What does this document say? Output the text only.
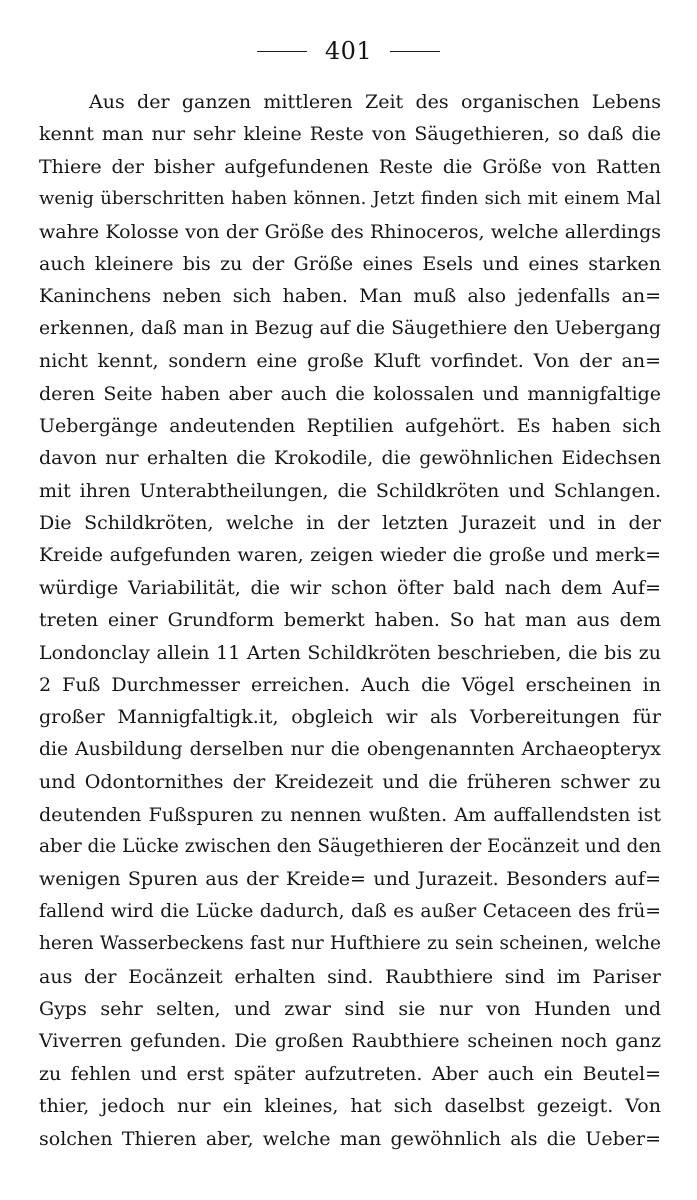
401
Aus der ganzen mittleren Zeit des organischen Lebens
kennt man nur sehr kleine Reste von Säugethieren, so daß die
Thiere der bisher aufgefundenen Reste die Größe von Ratten
wenig überschritten haben können. Jetzt finden sich mit einem Mal
wahre Kolosse von der Größe des Rhinoceros, welche allerdings
auch kleinere bis zu der Größe eines Esels und eines starken
Kaninchens neben sich haben. Man muß also jedenfalls an=
erkennen, daß man in Bezug auf die Säugethiere den Uebergang
nicht kennt, sondern eine große Kluft vorfindet. Von der an=
deren Seite haben aber auch die kolossalen und mannigfaltige
Uebergänge andeutenden Reptilien aufgehört. Es haben sich
davon nur erhalten die Krokodile, die gewöhnlichen Eidechsen
mit ihren Unterabtheilungen, die Schildkröten und Schlangen.
Die Schildkröten, welche in der letzten Jurazeit und in der
Kreide aufgefunden waren, zeigen wieder die große und merk=
würdige Variabilität, die wir schon öfter bald nach dem Auf=
treten einer Grundform bemerkt haben. So hat man aus dem
Londonclay allein 11 Arten Schildkröten beschrieben, die bis zu
2 Fuß Durchmesser erreichen. Auch die Vögel erscheinen in
großer Mannigfaltigk.it, obgleich wir als Vorbereitungen für
die Ausbildung derselben nur die obengenannten Archaeopteryx
und Odontornithes der Kreidezeit und die früheren schwer zu
deutenden Fußspuren zu nennen wußten. Am auffallendsten ist
aber die Lücke zwischen den Säugethieren der Eocänzeit und den
wenigen Spuren aus der Kreide= und Jurazeit. Besonders auf=
fallend wird die Lücke dadurch, daß es außer Cetaceen des frü=
heren Wasserbeckens fast nur Hufthiere zu sein scheinen, welche
aus der Eocänzeit erhalten sind. Raubthiere sind im Pariser
Gyps sehr selten, und zwar sind sie nur von Hunden und
Viverren gefunden. Die großen Raubthiere scheinen noch ganz
zu fehlen und erst später aufzutreten. Aber auch ein Beutel=
thier, jedoch nur ein kleines, hat sich daselbst gezeigt. Von
solchen Thieren aber, welche man gewöhnlich als die Ueber=
